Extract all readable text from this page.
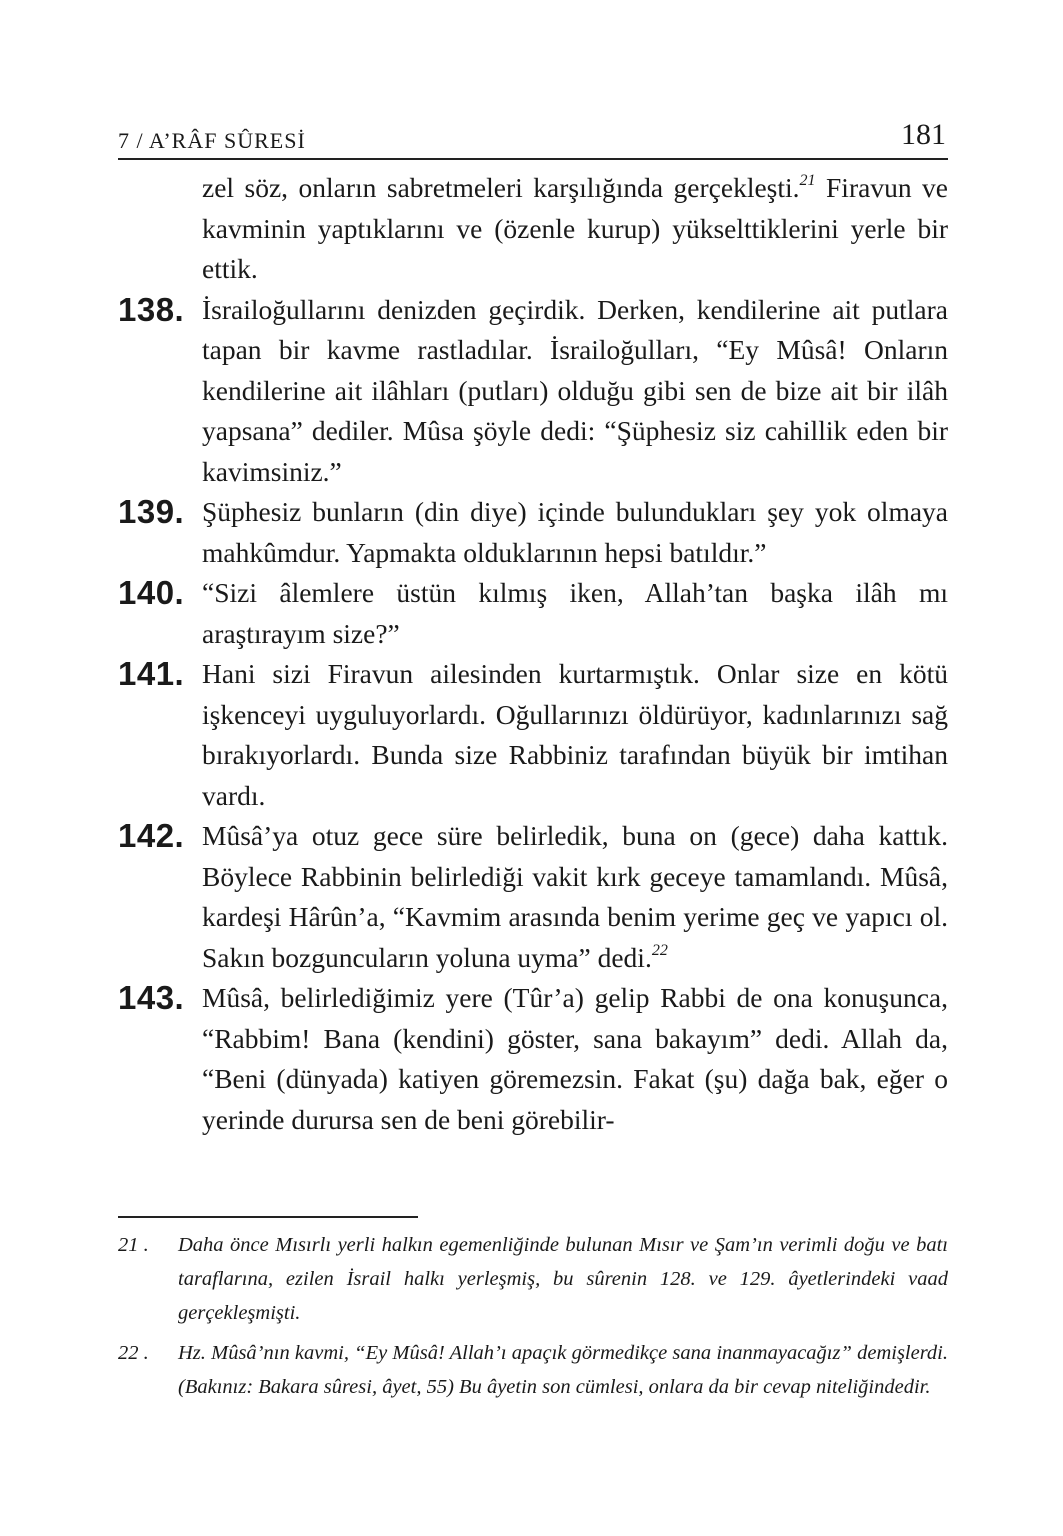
7 / A’RÂF SÛRESİ	181

zel söz, onların sabretmeleri karşılığında gerçekleşti.$^{21}$ Firavun ve kavminin yaptıklarını ve (özenle kurup) yükselttiklerini yerle bir ettik.

138. İsrailoğullarını denizden geçirdik. Derken, kendilerine ait putlara tapan bir kavme rastladılar. İsrailoğulları, “Ey Mûsâ! Onların kendilerine ait ilâhları (putları) olduğu gibi sen de bize ait bir ilâh yapsana” dediler. Mûsa şöyle dedi: “Şüphesiz siz cahillik eden bir kavimsiniz.”

139. Şüphesiz bunların (din diye) içinde bulundukları şey yok olmaya mahkûmdur. Yapmakta olduklarının hepsi batıldır.”

140. “Sizi âlemlere üstün kılmış iken, Allah’tan başka ilâh mı araştırayım size?”

141. Hani sizi Firavun ailesinden kurtarmıştık. Onlar size en kötü işkenceyi uyguluyorlardı. Oğullarınızı öldürüyor, kadınlarınızı sağ bırakıyorlardı. Bunda size Rabbiniz tarafından büyük bir imtihan vardı.

142. Mûsâ’ya otuz gece süre belirledik, buna on (gece) daha kattık. Böylece Rabbinin belirlediği vakit kırk geceye tamamlandı. Mûsâ, kardeşi Hârûn’a, “Kavmim arasında benim yerime geç ve yapıcı ol. Sakın bozguncuların yoluna uyma” dedi.$^{22}$

143. Mûsâ, belirlediğimiz yere (Tûr’a) gelip Rabbi de ona konuşunca, “Rabbim! Bana (kendini) göster, sana bakayım” dedi. Allah da, “Beni (dünyada) katiyen göremezsin. Fakat (şu) dağa bak, eğer o yerinde durursa sen de beni görebilir-

21 . Daha önce Mısırlı yerli halkın egemenliğinde bulunan Mısır ve Şam’ın verimli doğu ve batı taraflarına, ezilen İsrail halkı yerleşmiş, bu sûrenin 128. ve 129. âyetlerindeki vaad gerçekleşmişti.

22 . Hz. Mûsâ’nın kavmi, “Ey Mûsâ! Allah’ı apaçık görmedikçe sana inanmayacağız” demişlerdi. (Bakınız: Bakara sûresi, âyet, 55) Bu âyetin son cümlesi, onlara da bir cevap niteliğindedir.
